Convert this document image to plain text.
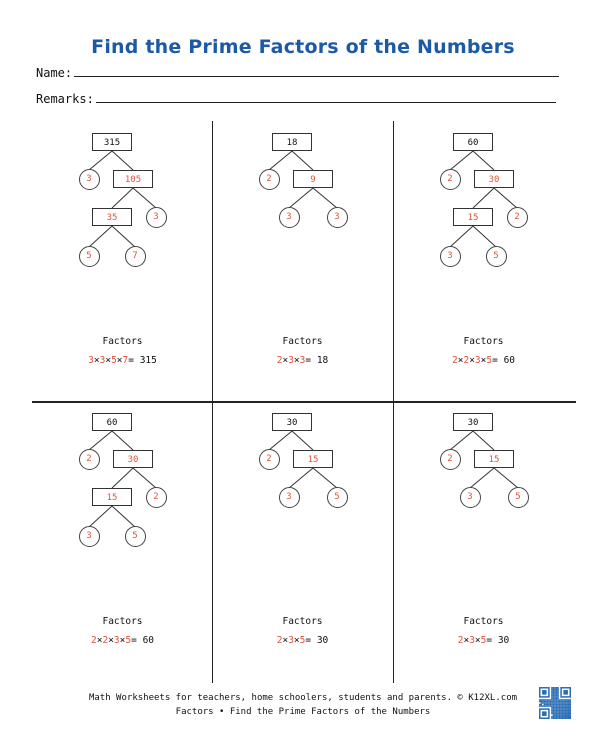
Find the Prime Factors of the Numbers
Name:
Remarks:
315
3	105
35	3
5	7
Factors
3×3×5×7= 315
18
2	9
3	3
Factors
2×3×3= 18
60
2	30
15	2
3	5
Factors
2×2×3×5= 60
60
2	30
15	2
3	5
Factors
2×2×3×5= 60
30
2	15
3	5
Factors
2×3×5= 30
30
2	15
3	5
Factors
2×3×5= 30
Math Worksheets for teachers, home schoolers, students and parents. © K12XL.com
Factors • Find the Prime Factors of the Numbers
